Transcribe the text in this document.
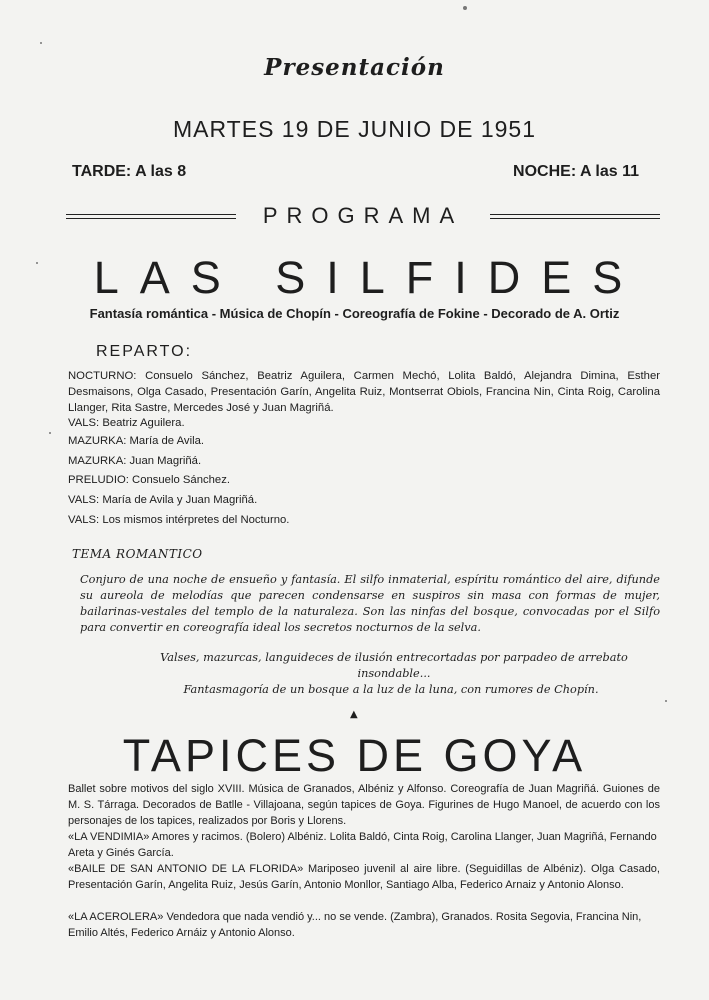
Presentación
MARTES 19 DE JUNIO DE 1951
TARDE: A las 8	NOCHE: A las 11
PROGRAMA
LAS SILFIDES
Fantasía romántica - Música de Chopín - Coreografía de Fokine - Decorado de A. Ortiz
REPARTO:
NOCTURNO: Consuelo Sánchez, Beatriz Aguilera, Carmen Mechó, Lolita Baldó, Alejandra Dimina, Esther Desmaisons, Olga Casado, Presentación Garín, Angelita Ruiz, Montserrat Obiols, Francina Nin, Cinta Roig, Carolina Llanger, Rita Sastre, Mercedes José y Juan Magriñá.
VALS: Beatriz Aguilera.
MAZURKA: María de Avila.
MAZURKA: Juan Magriñá.
PRELUDIO: Consuelo Sánchez.
VALS: María de Avila y Juan Magriñá.
VALS: Los mismos intérpretes del Nocturno.
TEMA ROMANTICO
Conjuro de una noche de ensueño y fantasía. El silfo inmaterial, espíritu romántico del aire, difunde su aureola de melodías que parecen condensarse en suspiros sin masa con formas de mujer, bailarinas-vestales del templo de la naturaleza. Son las ninfas del bosque, convocadas por el Silfo para convertir en coreografía ideal los secretos nocturnos de la selva.
Valses, mazurcas, languideces de ilusión entrecortadas por parpadeo de arrebato insondable...
Fantasmagoría de un bosque a la luz de la luna, con rumores de Chopín.
▲
TAPICES DE GOYA
Ballet sobre motivos del siglo XVIII. Música de Granados, Albéniz y Alfonso. Coreografía de Juan Magriñá. Guiones de M. S. Tárraga. Decorados de Batlle - Villajoana, según tapices de Goya. Figurines de Hugo Manoel, de acuerdo con los personajes de los tapices, realizados por Boris y Llorens.
«LA VENDIMIA» Amores y racimos. (Bolero) Albéniz. Lolita Baldó, Cinta Roig, Carolina Llanger, Juan Magriñá, Fernando Areta y Ginés García.
«BAILE DE SAN ANTONIO DE LA FLORIDA» Mariposeo juvenil al aire libre. (Seguidillas de Albéniz). Olga Casado, Presentación Garín, Angelita Ruiz, Jesús Garín, Antonio Monllor, Santiago Alba, Federico Arnaiz y Antonio Alonso.
«LA ACEROLERA» Vendedora que nada vendió y... no se vende. (Zambra), Granados. Rosita Segovia, Francina Nin, Emilio Altés, Federico Arnáiz y Antonio Alonso.
